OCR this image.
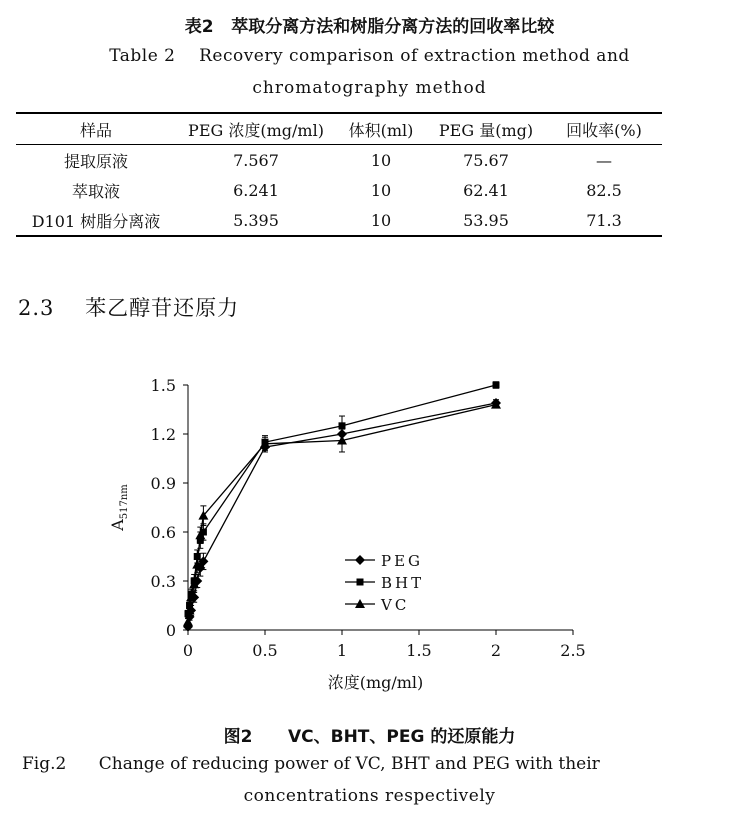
表2   萃取分离方法和树脂分离方法的回收率比较
Table 2    Recovery comparison of extraction method and
chromatography method
样品	PEG 浓度(mg/ml)	体积(ml)	PEG 量(mg)	回收率(%)
提取原液	7.567	10	75.67	—
萃取液	6.241	10	62.41	82.5
D101 树脂分离液	5.395	10	53.95	71.3
2.3    苯乙醇苷还原力
0	0.5	1	1.5	2	2.5
0
0.3
0.6
0.9
1.2
1.5
浓度(mg/ml)
$A_{517nm}$
PEG
BHT
VC
图2      VC、BHT、PEG 的还原能力
Fig.2      Change of reducing power of VC, BHT and PEG with their
concentrations respectively
